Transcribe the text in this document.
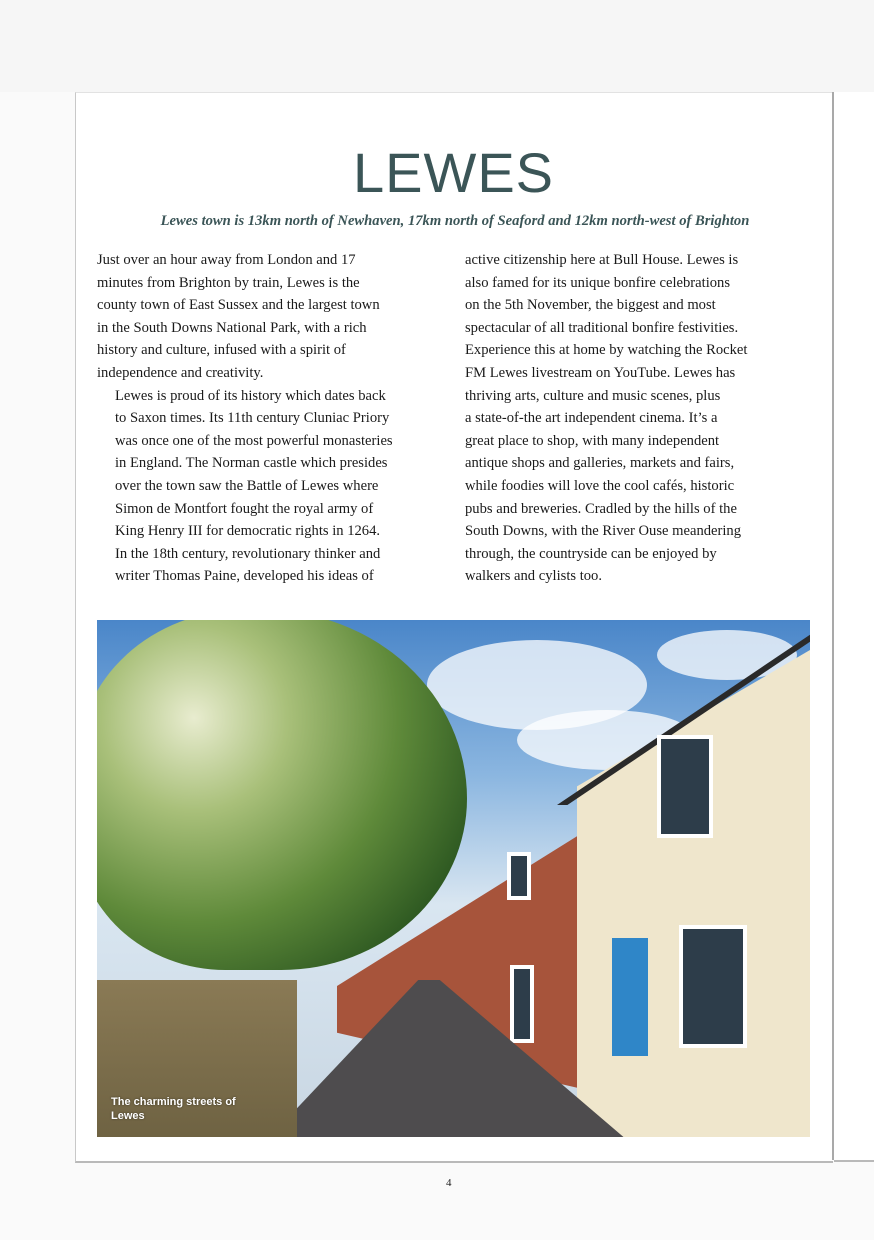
LEWES
Lewes town is 13km north of Newhaven, 17km north of Seaford and 12km north-west of Brighton

Just over an hour away from London and 17
minutes from Brighton by train, Lewes is the
county town of East Sussex and the largest town
in the South Downs National Park, with a rich
history and culture, infused with a spirit of
independence and creativity.

Lewes is proud of its history which dates back
to Saxon times. Its 11th century Cluniac Priory
was once one of the most powerful monasteries
in England. The Norman castle which presides
over the town saw the Battle of Lewes where
Simon de Montfort fought the royal army of
King Henry III for democratic rights in 1264.
In the 18th century, revolutionary thinker and
writer Thomas Paine, developed his ideas of

active citizenship here at Bull House. Lewes is
also famed for its unique bonfire celebrations
on the 5th November, the biggest and most
spectacular of all traditional bonfire festivities.
Experience this at home by watching the Rocket
FM Lewes livestream on YouTube. Lewes has
thriving arts, culture and music scenes, plus
a state-of-the art independent cinema. It’s a
great place to shop, with many independent
antique shops and galleries, markets and fairs,
while foodies will love the cool cafés, historic
pubs and breweries. Cradled by the hills of the
South Downs, with the River Ouse meandering
through, the countryside can be enjoyed by
walkers and cylists too.

The charming streets of Lewes
4
